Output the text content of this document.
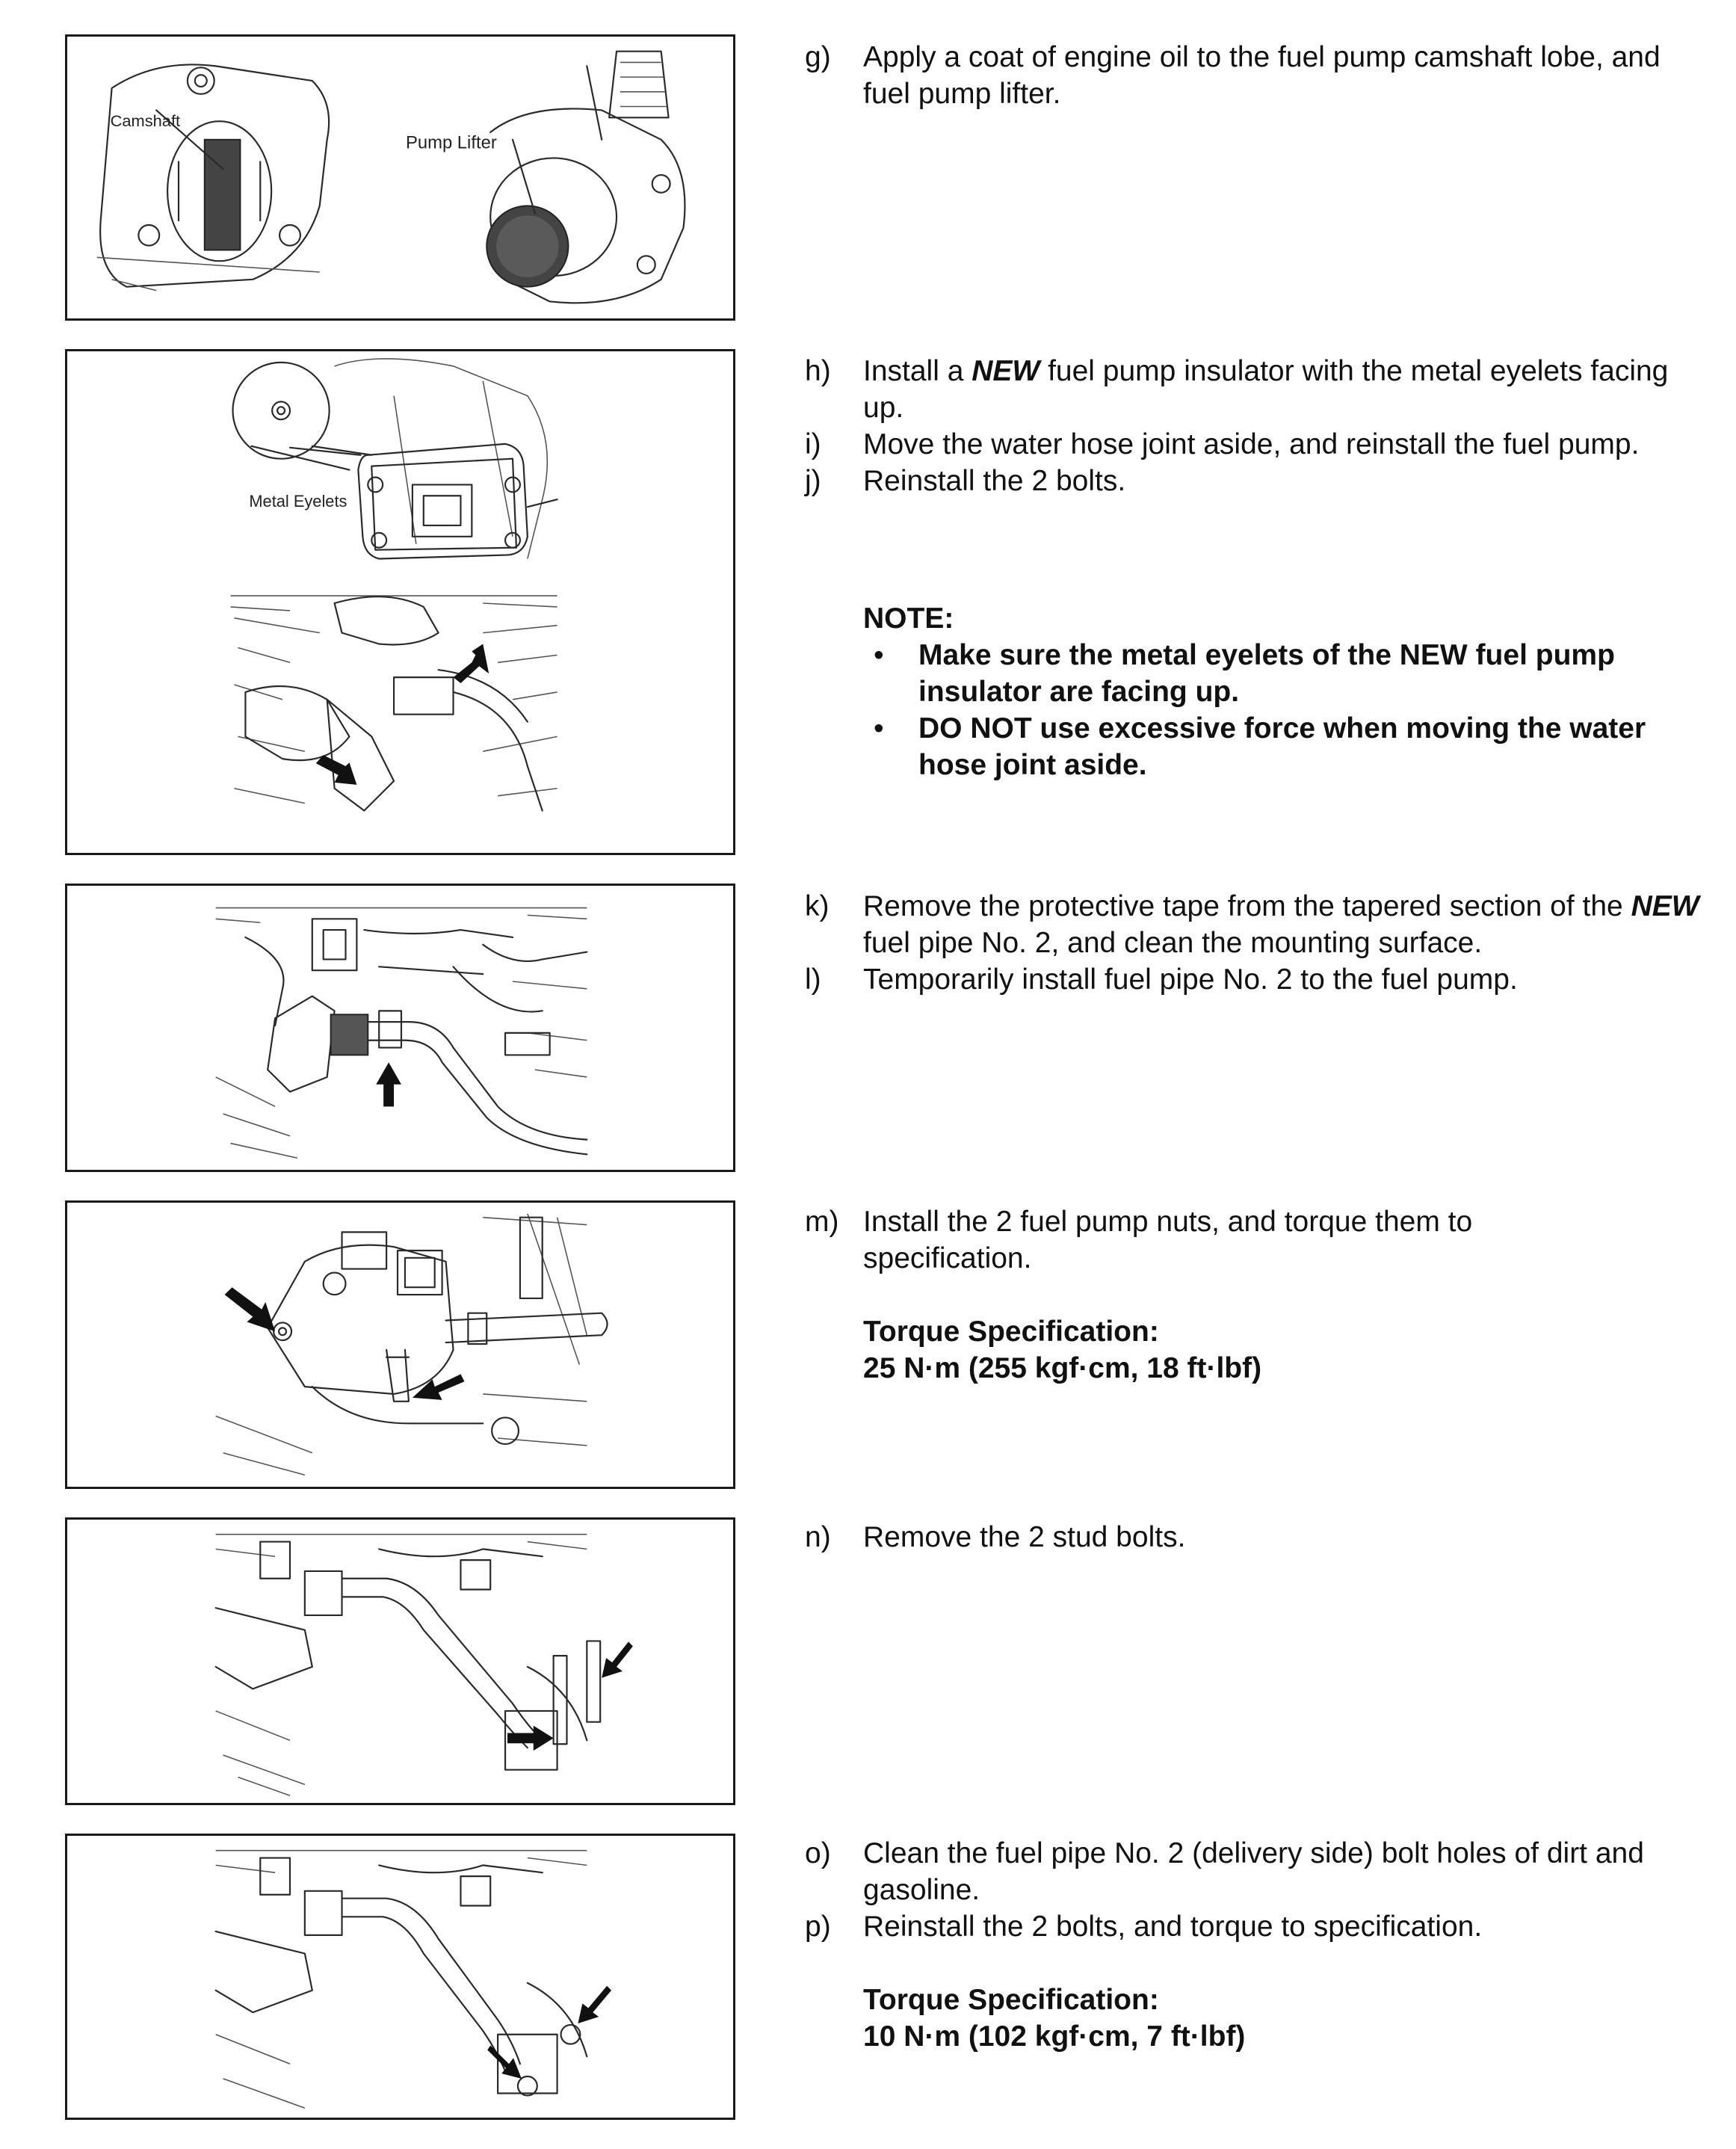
Camshaft
Pump Lifter
Metal Eyelets
g) Apply a coat of engine oil to the fuel pump camshaft lobe, and fuel pump lifter.
h) Install a NEW fuel pump insulator with the metal eyelets facing up.
i) Move the water hose joint aside, and reinstall the fuel pump.
j) Reinstall the 2 bolts.
NOTE:
• Make sure the metal eyelets of the NEW fuel pump insulator are facing up.
• DO NOT use excessive force when moving the water hose joint aside.
k) Remove the protective tape from the tapered section of the NEW fuel pipe No. 2, and clean the mounting surface.
l) Temporarily install fuel pipe No. 2 to the fuel pump.
m) Install the 2 fuel pump nuts, and torque them to specification.
Torque Specification:
25 N·m (255 kgf·cm, 18 ft·lbf)
n) Remove the 2 stud bolts.
o) Clean the fuel pipe No. 2 (delivery side) bolt holes of dirt and gasoline.
p) Reinstall the 2 bolts, and torque to specification.
Torque Specification:
10 N·m (102 kgf·cm, 7 ft·lbf)
